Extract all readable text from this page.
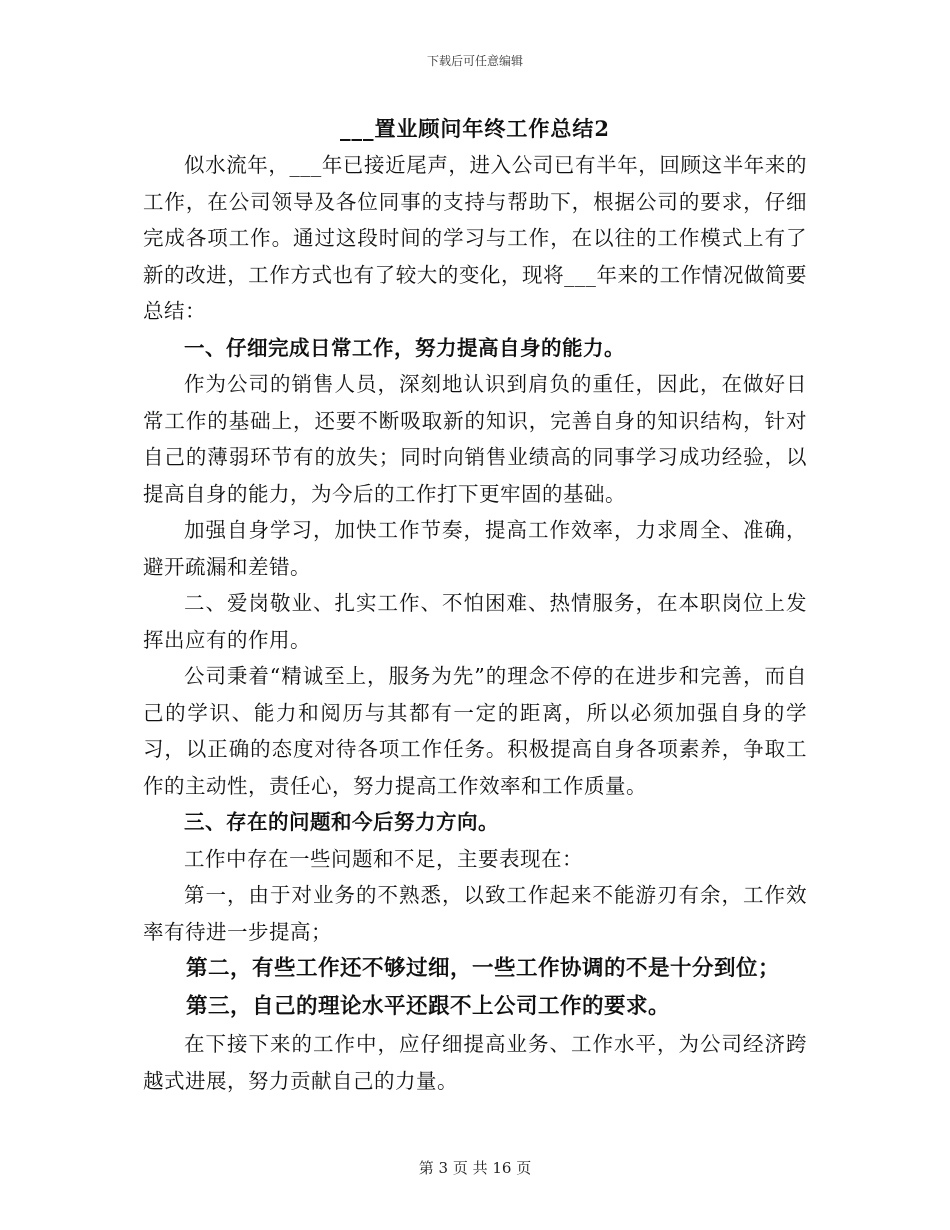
下载后可任意编辑
___置业顾问年终工作总结2

似水流年，___年已接近尾声，进入公司已有半年，回顾这半年来的工作，在公司领导及各位同事的支持与帮助下，根据公司的要求，仔细完成各项工作。通过这段时间的学习与工作，在以往的工作模式上有了新的改进，工作方式也有了较大的变化，现将___年来的工作情况做简要总结：

一、仔细完成日常工作，努力提高自身的能力。

作为公司的销售人员，深刻地认识到肩负的重任，因此，在做好日常工作的基础上，还要不断吸取新的知识，完善自身的知识结构，针对自己的薄弱环节有的放失；同时向销售业绩高的同事学习成功经验，以提高自身的能力，为今后的工作打下更牢固的基础。

加强自身学习，加快工作节奏，提高工作效率，力求周全、准确，避开疏漏和差错。

二、爱岗敬业、扎实工作、不怕困难、热情服务，在本职岗位上发挥出应有的作用。

公司秉着“精诚至上，服务为先”的理念不停的在进步和完善，而自己的学识、能力和阅历与其都有一定的距离，所以必须加强自身的学习，以正确的态度对待各项工作任务。积极提高自身各项素养，争取工作的主动性，责任心，努力提高工作效率和工作质量。

三、存在的问题和今后努力方向。

工作中存在一些问题和不足，主要表现在：

第一，由于对业务的不熟悉，以致工作起来不能游刃有余，工作效率有待进一步提高；

第二，有些工作还不够过细，一些工作协调的不是十分到位；

第三，自己的理论水平还跟不上公司工作的要求。

在下接下来的工作中，应仔细提高业务、工作水平，为公司经济跨越式进展，努力贡献自己的力量。

第 3 页 共 16 页
